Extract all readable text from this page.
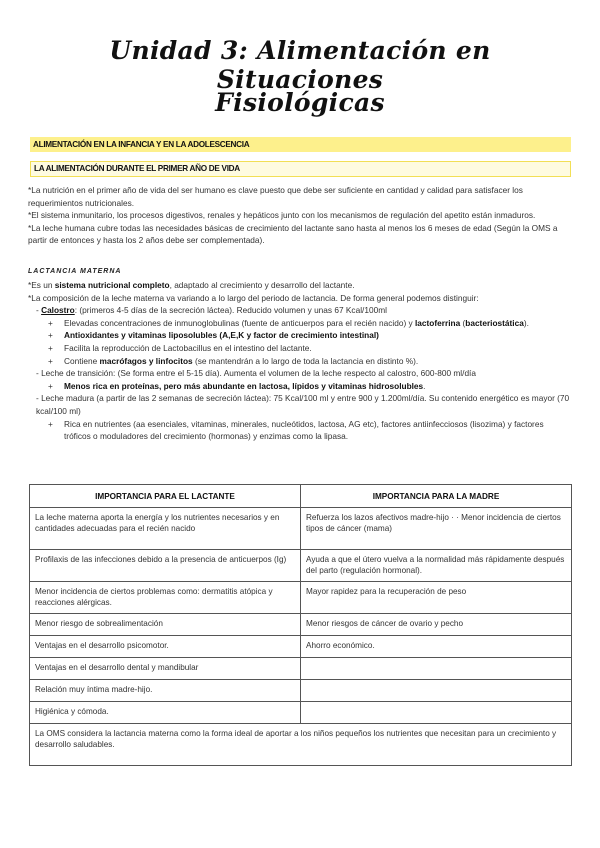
Unidad 3: Alimentación en Situaciones
Fisiológicas
ALIMENTACIÓN EN LA INFANCIA Y EN LA ADOLESCENCIA
LA ALIMENTACIÓN DURANTE EL PRIMER AÑO DE VIDA

*La nutrición en el primer año de vida del ser humano es clave puesto que debe ser suficiente en cantidad y calidad para satisfacer los requerimientos nutricionales.

*El sistema inmunitario, los procesos digestivos, renales y hepáticos junto con los mecanismos de regulación del apetito están inmaduros.

*La leche humana cubre todas las necesidades básicas de crecimiento del lactante sano hasta al menos los 6 meses de edad (Según la OMS a partir de entonces y hasta los 2 años debe ser complementada).

LACTANCIA MATERNA

*Es un sistema nutricional completo, adaptado al crecimiento y desarrollo del lactante.

*La composición de la leche materna va variando a lo largo del periodo de lactancia. De forma general podemos distinguir:

- Calostro: (primeros 4-5 días de la secreción láctea). Reducido volumen y unas 67 Kcal/100ml

+ Elevadas concentraciones de inmunoglobulinas (fuente de anticuerpos para el recién nacido) y lactoferrina (bacteriostática).
+ Antioxidantes y vitaminas liposolubles (A,E,K y factor de crecimiento intestinal)
+ Facilita la reproducción de Lactobacillus en el intestino del lactante.
+ Contiene macrófagos y linfocitos (se mantendrán a lo largo de toda la lactancia en distinto %).

- Leche de transición: (Se forma entre el 5-15 día). Aumenta el volumen de la leche respecto al calostro, 600-800 ml/día

+ Menos rica en proteínas, pero más abundante en lactosa, lípidos y vitaminas hidrosolubles.

- Leche madura (a partir de las 2 semanas de secreción láctea): 75 Kcal/100 ml y entre 900 y 1.200ml/día. Su contenido energético es mayor (70 kcal/100 ml)

+ Rica en nutrientes (aa esenciales, vitaminas, minerales, nucleótidos, lactosa, AG etc), factores antiinfecciosos (lisozima) y factores tróficos o moduladores del crecimiento (hormonas) y enzimas como la lipasa.
IMPORTANCIA PARA EL LACTANTE	IMPORTANCIA PARA LA MADRE
La leche materna aporta la energía y los nutrientes necesarios y en cantidades adecuadas para el recién nacido	Refuerza los lazos afectivos madre-hijo · · Menor incidencia de ciertos tipos de cáncer (mama)
Profilaxis de las infecciones debido a la presencia de anticuerpos (Ig)	Ayuda a que el útero vuelva a la normalidad más rápidamente después del parto (regulación hormonal).
Menor incidencia de ciertos problemas como: dermatitis atópica y reacciones alérgicas.	Mayor rapidez para la recuperación de peso
Menor riesgo de sobrealimentación	Menor riesgos de cáncer de ovario y pecho
Ventajas en el desarrollo psicomotor.	Ahorro económico.
Ventajas en el desarrollo dental y mandibular	
Relación muy íntima madre-hijo.	
Higiénica y cómoda.	
La OMS considera la lactancia materna como la forma ideal de aportar a los niños pequeños los nutrientes que necesitan para un crecimiento y desarrollo saludables.	
